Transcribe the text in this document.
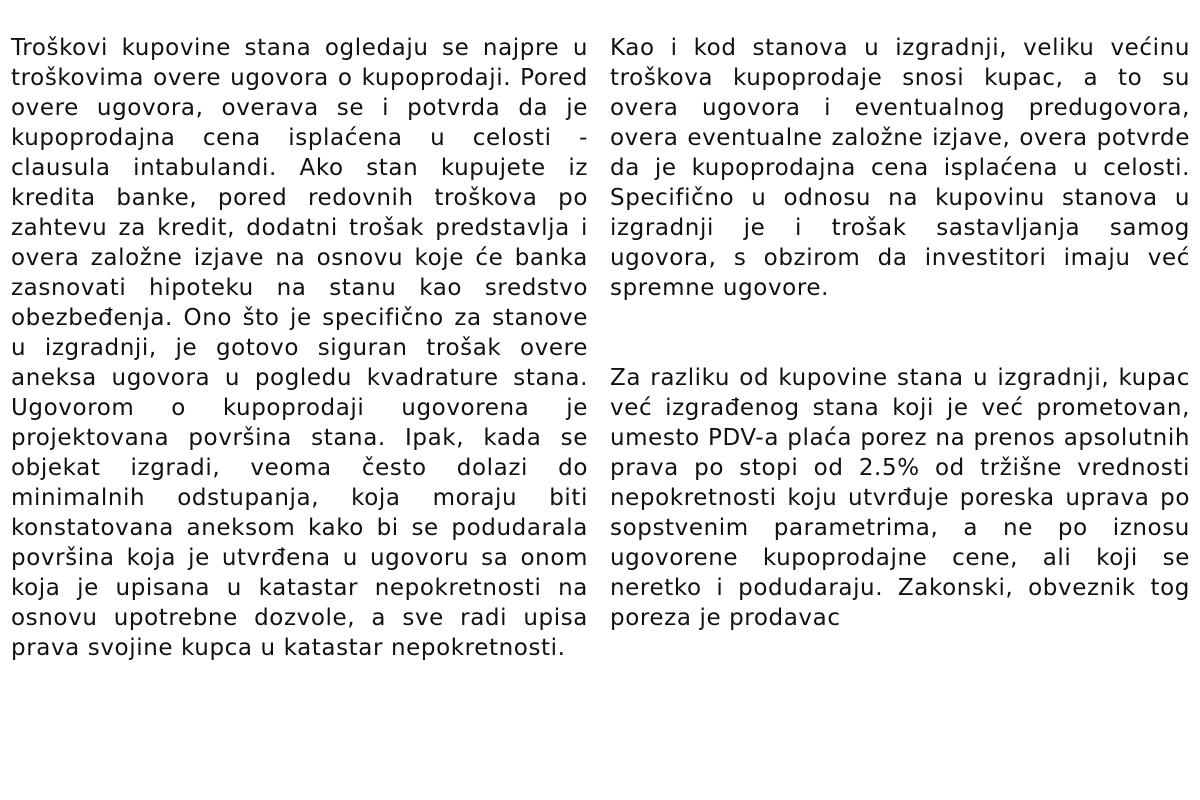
Troškovi kupovine stana ogledaju se najpre u troškovima overe ugovora o kupoprodaji. Pored overe ugovora, overava se i potvrda da je kupoprodajna cena isplaćena u celosti - clausula intabulandi. Ako stan kupujete iz kredita banke, pored redovnih troškova po zahtevu za kredit, dodatni trošak predstavlja i overa založne izjave na osnovu koje će banka zasnovati hipoteku na stanu kao sredstvo obezbeđenja. Ono što je specifično za stanove u izgradnji, je gotovo siguran trošak overe aneksa ugovora u pogledu kvadrature stana. Ugovorom o kupoprodaji ugovorena je projektovana površina stana. Ipak, kada se objekat izgradi, veoma često dolazi do minimalnih odstupanja, koja moraju biti konstatovana aneksom kako bi se podudarala površina koja je utvrđena u ugovoru sa onom koja je upisana u katastar nepokretnosti na osnovu upotrebne dozvole, a sve radi upisa prava svojine kupca u katastar nepokretnosti.

Kao i kod stanova u izgradnji, veliku većinu troškova kupoprodaje snosi kupac, a to su overa ugovora i eventualnog predugovora, overa eventualne založne izjave, overa potvrde da je kupoprodajna cena isplaćena u celosti. Specifično u odnosu na kupovinu stanova u izgradnji je i trošak sastavljanja samog ugovora, s obzirom da investitori imaju već spremne ugovore.

Za razliku od kupovine stana u izgradnji, kupac već izgrađenog stana koji je već prometovan, umesto PDV-a plaća porez na prenos apsolutnih prava po stopi od 2.5% od tržišne vrednosti nepokretnosti koju utvrđuje poreska uprava po sopstvenim parametrima, a ne po iznosu ugovorene kupoprodajne cene, ali koji se neretko i podudaraju. Zakonski, obveznik tog poreza je prodavac
